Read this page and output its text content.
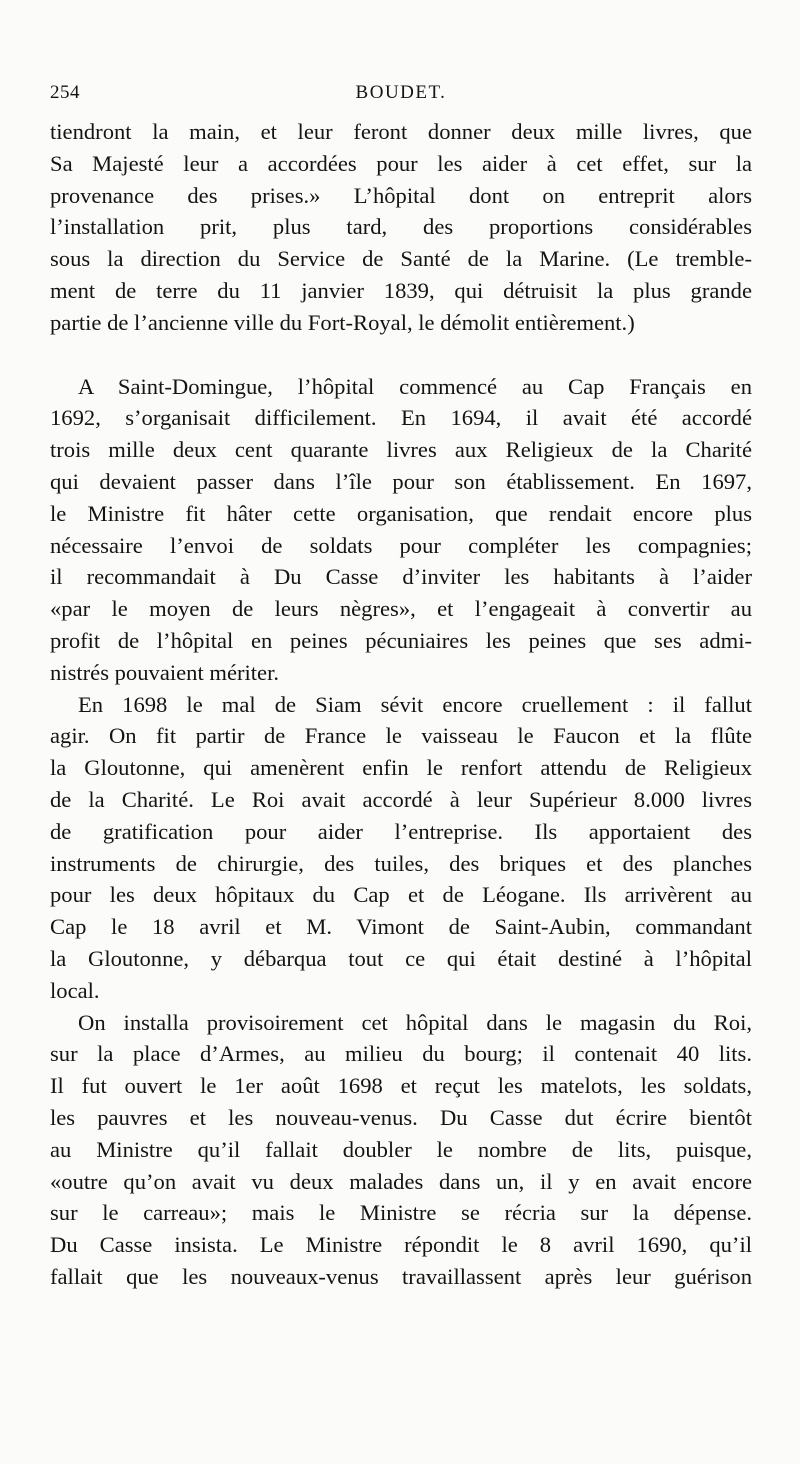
254	BOUDET.
tiendront la main, et leur feront donner deux mille livres, que
Sa Majesté leur a accordées pour les aider à cet effet, sur la
provenance des prises.» L’hôpital dont on entreprit alors
l’installation prit, plus tard, des proportions considérables
sous la direction du Service de Santé de la Marine. (Le tremble-
ment de terre du 11 janvier 1839, qui détruisit la plus grande
partie de l’ancienne ville du Fort-Royal, le démolit entièrement.)
A Saint-Domingue, l’hôpital commencé au Cap Français en
1692, s’organisait difficilement. En 1694, il avait été accordé
trois mille deux cent quarante livres aux Religieux de la Charité
qui devaient passer dans l’île pour son établissement. En 1697,
le Ministre fit hâter cette organisation, que rendait encore plus
nécessaire l’envoi de soldats pour compléter les compagnies;
il recommandait à Du Casse d’inviter les habitants à l’aider
«par le moyen de leurs nègres», et l’engageait à convertir au
profit de l’hôpital en peines pécuniaires les peines que ses admi-
nistrés pouvaient mériter.
En 1698 le mal de Siam sévit encore cruellement : il fallut
agir. On fit partir de France le vaisseau le Faucon et la flûte
la Gloutonne, qui amenèrent enfin le renfort attendu de Religieux
de la Charité. Le Roi avait accordé à leur Supérieur 8.000 livres
de gratification pour aider l’entreprise. Ils apportaient des
instruments de chirurgie, des tuiles, des briques et des planches
pour les deux hôpitaux du Cap et de Léogane. Ils arrivèrent au
Cap le 18 avril et M. Vimont de Saint-Aubin, commandant
la Gloutonne, y débarqua tout ce qui était destiné à l’hôpital
local.
On installa provisoirement cet hôpital dans le magasin du Roi,
sur la place d’Armes, au milieu du bourg; il contenait 40 lits.
Il fut ouvert le 1er août 1698 et reçut les matelots, les soldats,
les pauvres et les nouveau-venus. Du Casse dut écrire bientôt
au Ministre qu’il fallait doubler le nombre de lits, puisque,
«outre qu’on avait vu deux malades dans un, il y en avait encore
sur le carreau»; mais le Ministre se récria sur la dépense.
Du Casse insista. Le Ministre répondit le 8 avril 1690, qu’il
fallait que les nouveaux-venus travaillassent après leur guérison
